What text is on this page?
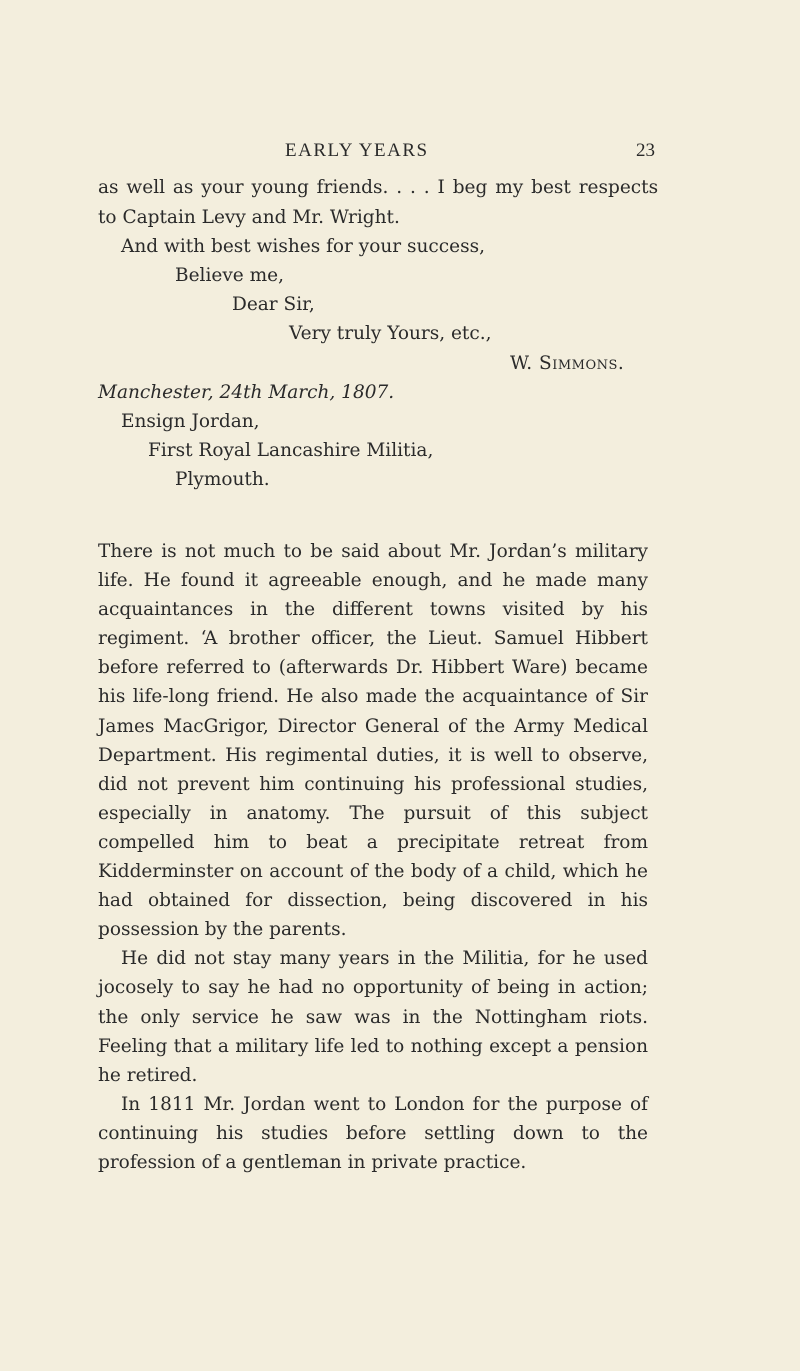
EARLY YEARS	23
as well as your young friends. . . . I beg my best respects
to Captain Levy and Mr. Wright.
And with best wishes for your success,
Believe me,
Dear Sir,
Very truly Yours, etc.,
W. Simmons.
Manchester, 24th March, 1807.
Ensign Jordan,
First Royal Lancashire Militia,
Plymouth.

There is not much to be said about Mr. Jordan’s military life. He found it agreeable enough, and he made many acquaintances in the different towns visited by his regiment. ‘A brother officer, the Lieut. Samuel Hibbert before referred to (afterwards Dr. Hibbert Ware) became his life-long friend. He also made the acquaintance of Sir James MacGrigor, Director General of the Army Medical Department. His regimental duties, it is well to observe, did not prevent him continuing his professional studies, especially in anatomy. The pursuit of this subject compelled him to beat a precipitate retreat from Kidderminster on account of the body of a child, which he had obtained for dissection, being discovered in his possession by the parents.

He did not stay many years in the Militia, for he used jocosely to say he had no opportunity of being in action; the only service he saw was in the Nottingham riots. Feeling that a military life led to nothing except a pension he retired.

In 1811 Mr. Jordan went to London for the purpose of continuing his studies before settling down to the profession of a gentleman in private practice.
